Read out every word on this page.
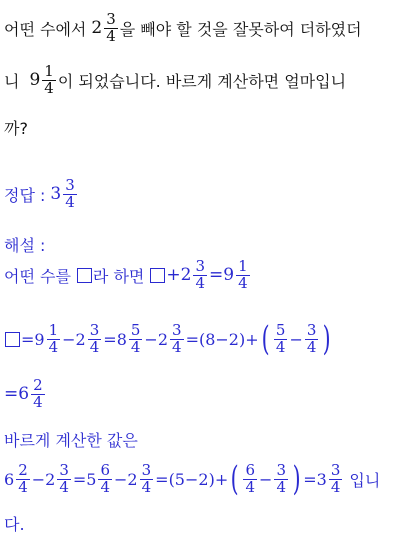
어떤 수에서 $2 \frac{3}{4}$ 을 빼야 할 것을 잘못하여 더하였더
니 $9 \frac{1}{4}$ 이 되었습니다. 바르게 계산하면 얼마입니
까?
정답 : $3 \frac{3}{4}$
해설 :
어떤 수를 라 하면 + $2 \frac{3}{4} = 9 \frac{1}{4}$
= $9 \frac{1}{4} - 2 \frac{3}{4} = 8 \frac{5}{4} - 2 \frac{3}{4} = (8-2)$ + ( $\frac{5}{4} - \frac{3}{4}$ )
= $6 \frac{2}{4}$
바르게 계산한 값은
$6 \frac{2}{4} - 2 \frac{3}{4} = 5 \frac{6}{4} - 2 \frac{3}{4} = (5-2)$ + ( $\frac{6}{4} - \frac{3}{4}$ ) = $3 \frac{3}{4}$ 입니
다.
